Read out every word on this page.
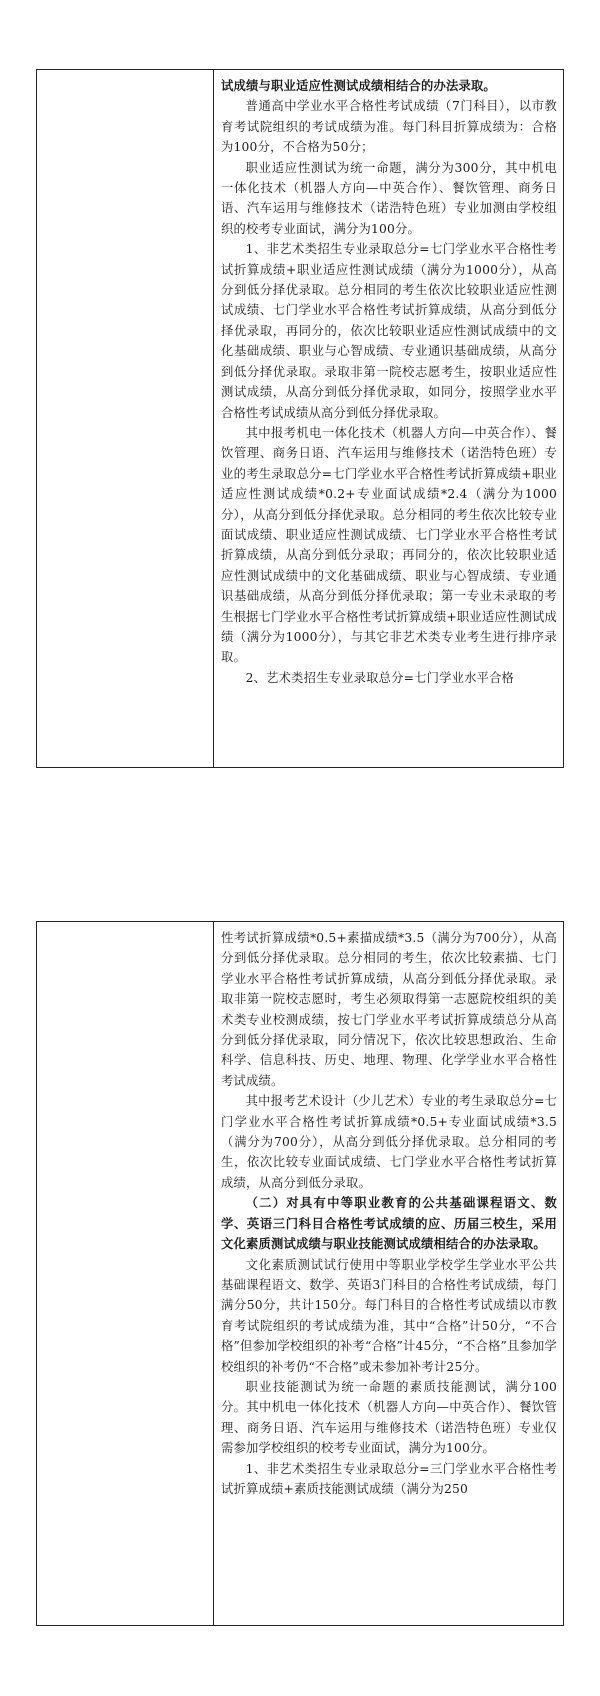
试成绩与职业适应性测试成绩相结合的办法录取。

普通高中学业水平合格性考试成绩（7门科目），以市教育考试院组织的考试成绩为准。每门科目折算成绩为：合格为100分，不合格为50分；

职业适应性测试为统一命题，满分为300分，其中机电一体化技术（机器人方向—中英合作）、餐饮管理、商务日语、汽车运用与维修技术（诺浩特色班）专业加测由学校组织的校考专业面试，满分为100分。

1、非艺术类招生专业录取总分=七门学业水平合格性考试折算成绩+职业适应性测试成绩（满分为1000分），从高分到低分择优录取。总分相同的考生依次比较职业适应性测试成绩、七门学业水平合格性考试折算成绩，从高分到低分择优录取，再同分的，依次比较职业适应性测试成绩中的文化基础成绩、职业与心智成绩、专业通识基础成绩，从高分到低分择优录取。录取非第一院校志愿考生，按职业适应性测试成绩，从高分到低分择优录取，如同分，按照学业水平合格性考试成绩从高分到低分择优录取。

其中报考机电一体化技术（机器人方向—中英合作）、餐饮管理、商务日语、汽车运用与维修技术（诺浩特色班）专业的考生录取总分=七门学业水平合格性考试折算成绩+职业适应性测试成绩*0.2+专业面试成绩*2.4（满分为1000分），从高分到低分择优录取。总分相同的考生依次比较专业面试成绩、职业适应性测试成绩、七门学业水平合格性考试折算成绩，从高分到低分录取；再同分的，依次比较职业适应性测试成绩中的文化基础成绩、职业与心智成绩、专业通识基础成绩，从高分到低分择优录取；第一专业未录取的考生根据七门学业水平合格性考试折算成绩+职业适应性测试成绩（满分为1000分），与其它非艺术类专业考生进行排序录取。

2、艺术类招生专业录取总分=七门学业水平合格

性考试折算成绩*0.5+素描成绩*3.5（满分为700分），从高分到低分择优录取。总分相同的考生，依次比较素描、七门学业水平合格性考试折算成绩，从高分到低分择优录取。录取非第一院校志愿时，考生必须取得第一志愿院校组织的美术类专业校测成绩，按七门学业水平考试折算成绩总分从高分到低分择优录取，同分情况下，依次比较思想政治、生命科学、信息科技、历史、地理、物理、化学学业水平合格性考试成绩。

其中报考艺术设计（少儿艺术）专业的考生录取总分=七门学业水平合格性考试折算成绩*0.5+专业面试成绩*3.5（满分为700分），从高分到低分择优录取。总分相同的考生，依次比较专业面试成绩、七门学业水平合格性考试折算成绩，从高分到低分录取。

（二）对具有中等职业教育的公共基础课程语文、数学、英语三门科目合格性考试成绩的应、历届三校生，采用文化素质测试成绩与职业技能测试成绩相结合的办法录取。

文化素质测试试行使用中等职业学校学生学业水平公共基础课程语文、数学、英语3门科目的合格性考试成绩，每门满分50分，共计150分。每门科目的合格性考试成绩以市教育考试院组织的考试成绩为准，其中“合格”计50分，“不合格”但参加学校组织的补考“合格”计45分，“不合格”且参加学校组织的补考仍“不合格”或未参加补考计25分。

职业技能测试为统一命题的素质技能测试，满分100分。其中机电一体化技术（机器人方向—中英合作）、餐饮管理、商务日语、汽车运用与维修技术（诺浩特色班）专业仅需参加学校组织的校考专业面试，满分为100分。

1、非艺术类招生专业录取总分=三门学业水平合格性考试折算成绩+素质技能测试成绩（满分为250
